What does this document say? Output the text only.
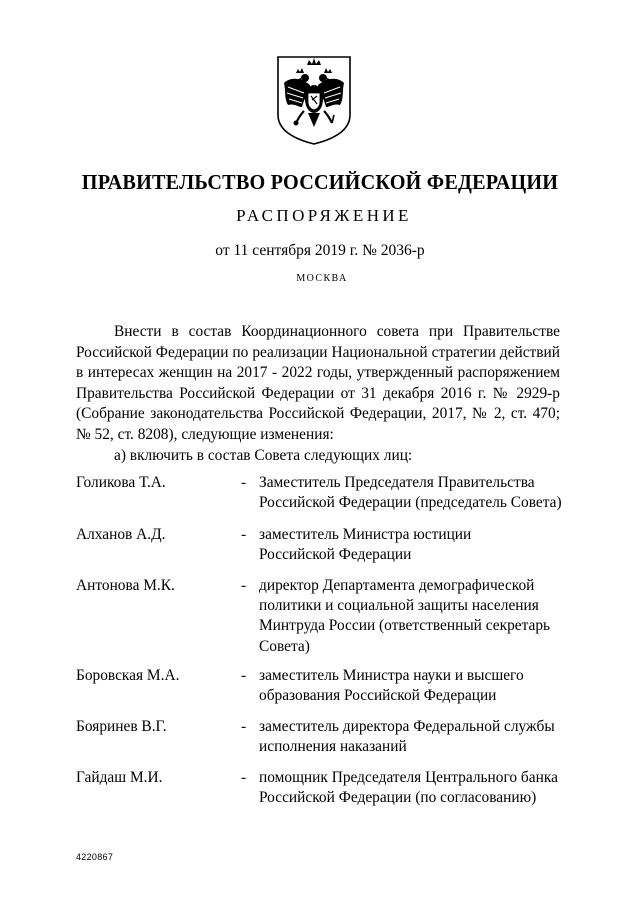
ПРАВИТЕЛЬСТВО РОССИЙСКОЙ ФЕДЕРАЦИИ
РАСПОРЯЖЕНИЕ
от 11 сентября 2019 г. № 2036-р
МОСКВА

Внести в состав Координационного совета при Правительстве

Российской Федерации по реализации Национальной стратегии действий

в интересах женщин на 2017 - 2022 годы, утвержденный распоряжением

Правительства Российской Федерации от 31 декабря 2016 г. № 2929-р

(Собрание законодательства Российской Федерации, 2017, № 2, ст. 470;

№ 52, ст. 8208), следующие изменения:

а) включить в состав Совета следующих лиц:
Голикова Т.А.	- Заместитель Председателя Правительства
Российской Федерации (председатель Совета)
Алханов А.Д.	- заместитель Министра юстиции
Российской Федерации
Антонова М.К.	- директор Департамента демографической
политики и социальной защиты населения
Минтруда России (ответственный секретарь
Совета)
Боровская М.А.	- заместитель Министра науки и высшего
образования Российской Федерации
Бояринев В.Г.	- заместитель директора Федеральной службы
исполнения наказаний
Гайдаш М.И.	- помощник Председателя Центрального банка
Российской Федерации (по согласованию)
4220867
